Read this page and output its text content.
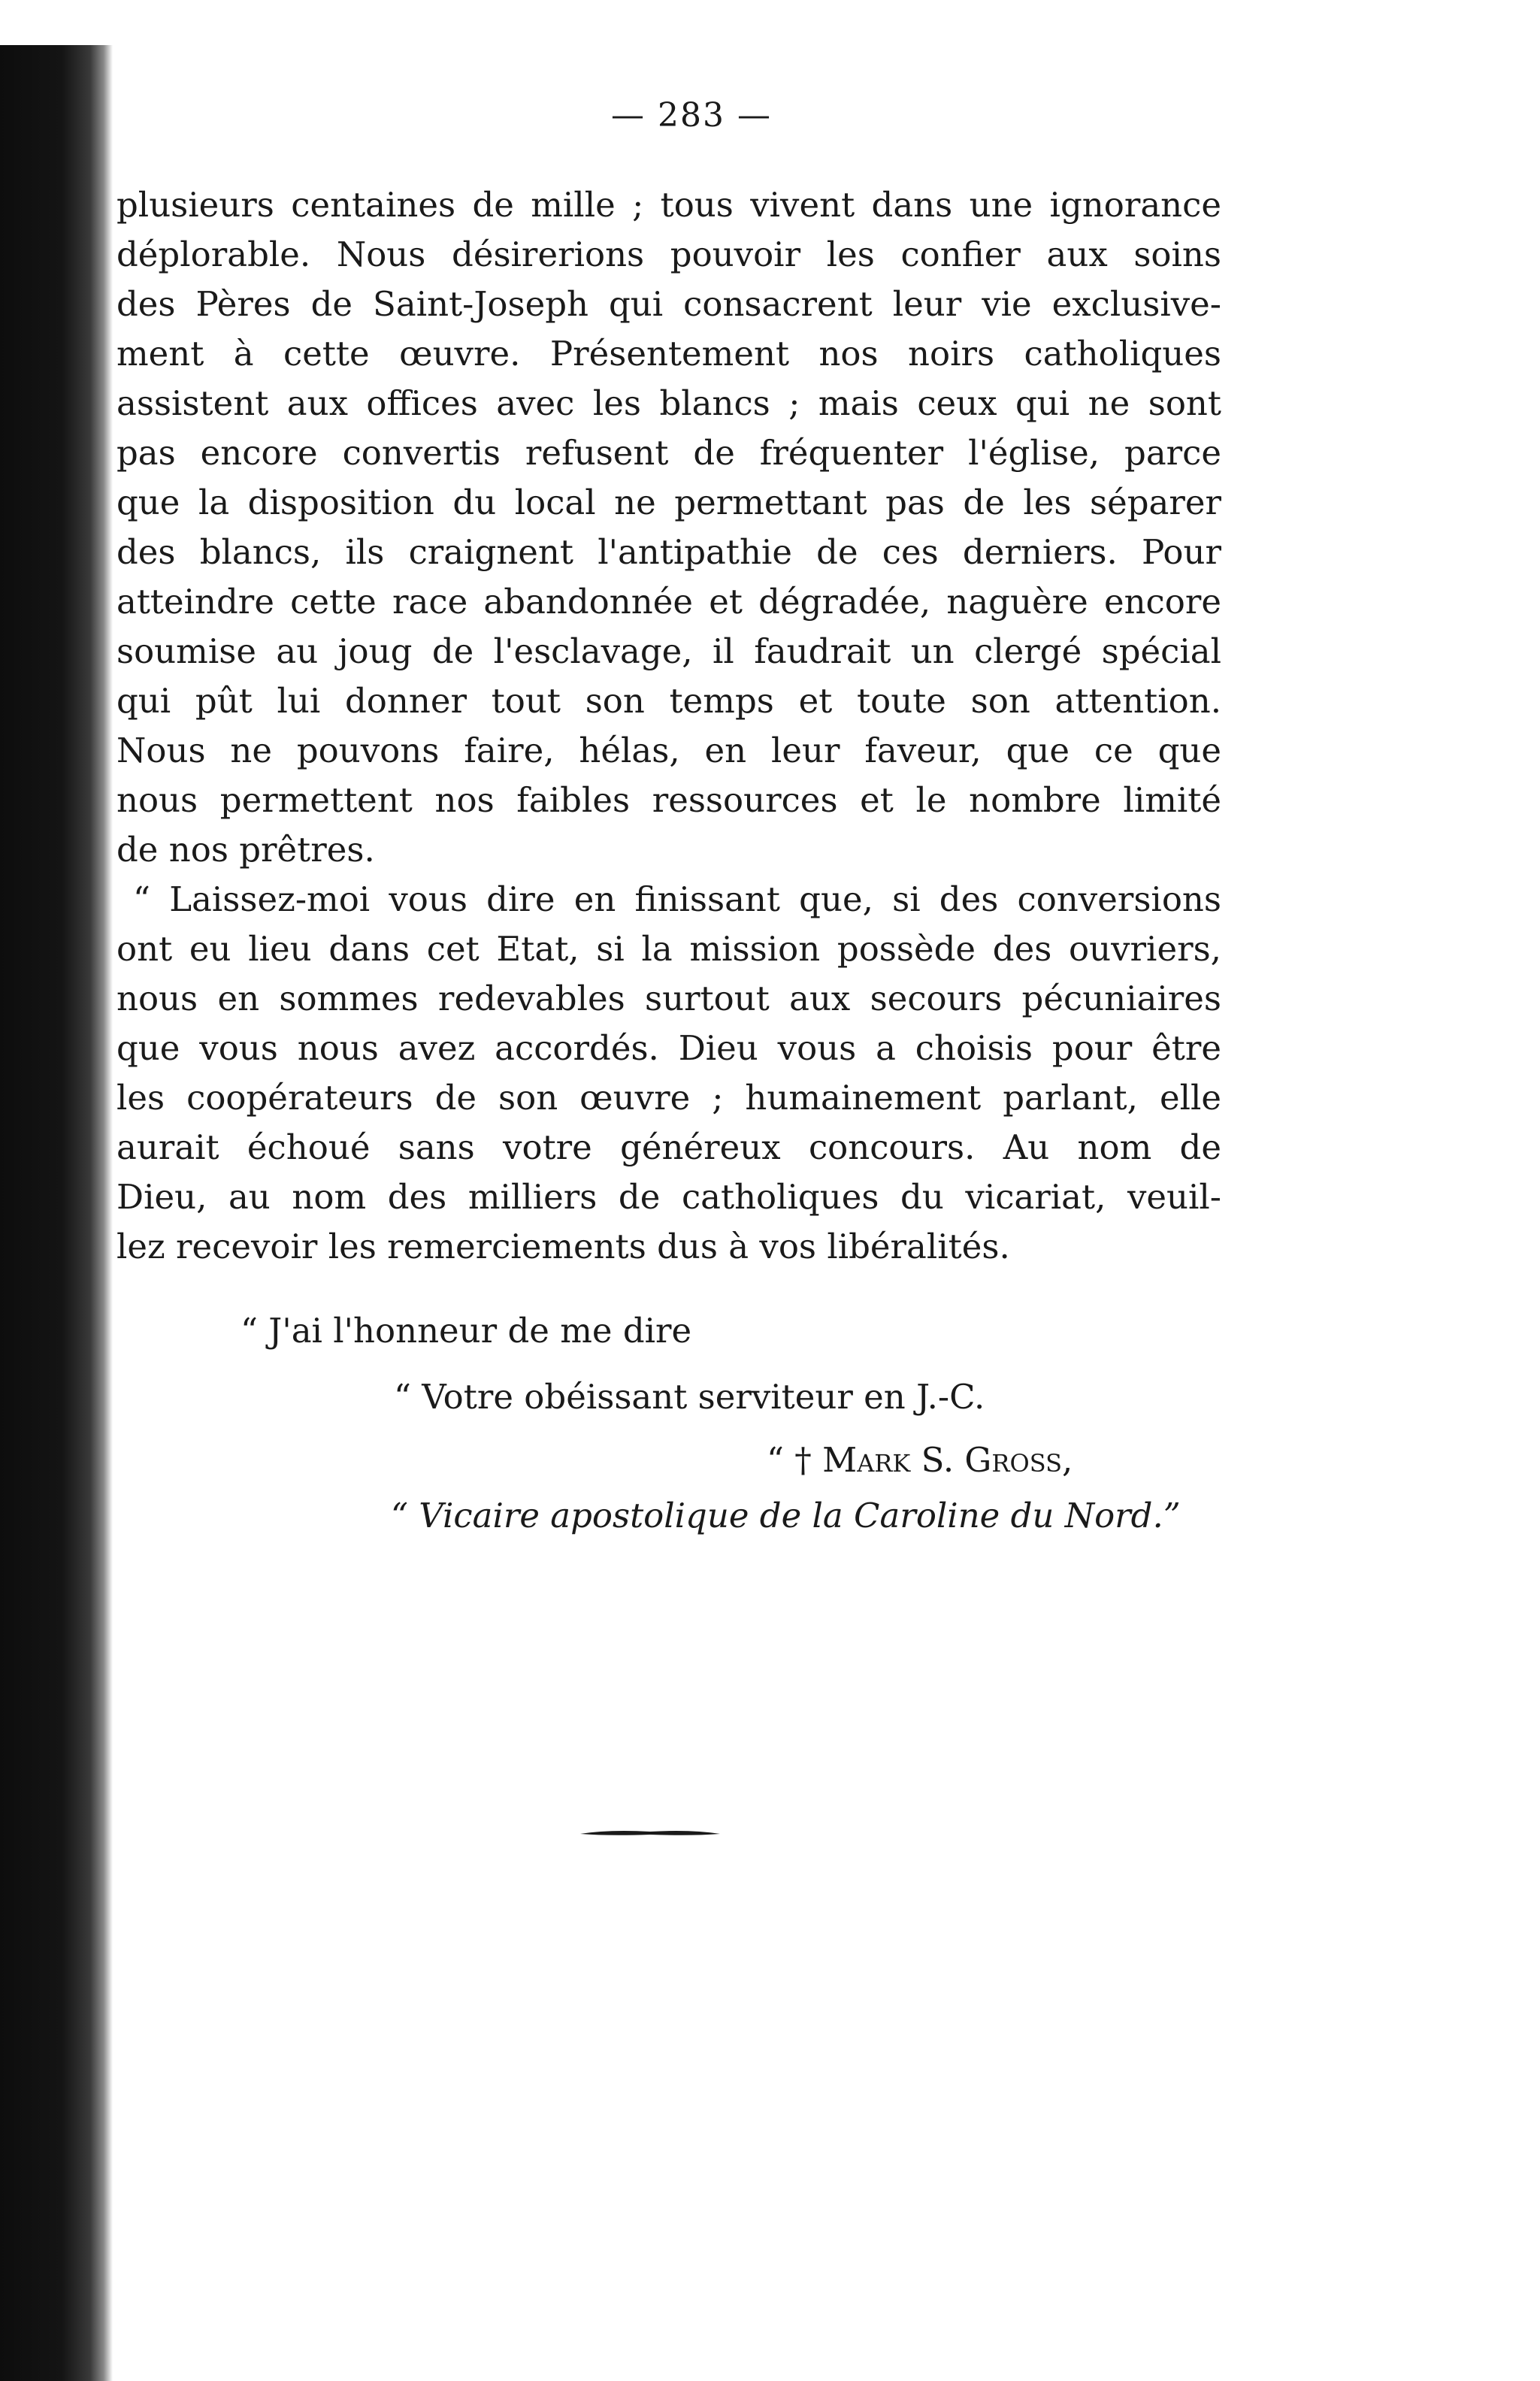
— 283 —
plusieurs centaines de mille ; tous vivent dans une ignorance
déplorable. Nous désirerions pouvoir les confier aux soins
des Pères de Saint-Joseph qui consacrent leur vie exclusive-
ment à cette œuvre. Présentement nos noirs catholiques
assistent aux offices avec les blancs ; mais ceux qui ne sont
pas encore convertis refusent de fréquenter l'église, parce
que la disposition du local ne permettant pas de les séparer
des blancs, ils craignent l'antipathie de ces derniers. Pour
atteindre cette race abandonnée et dégradée, naguère encore
soumise au joug de l'esclavage, il faudrait un clergé spécial
qui pût lui donner tout son temps et toute son attention.
Nous ne pouvons faire, hélas, en leur faveur, que ce que
nous permettent nos faibles ressources et le nombre limité
de nos prêtres.
“ Laissez-moi vous dire en finissant que, si des conversions
ont eu lieu dans cet Etat, si la mission possède des ouvriers,
nous en sommes redevables surtout aux secours pécuniaires
que vous nous avez accordés. Dieu vous a choisis pour être
les coopérateurs de son œuvre ; humainement parlant, elle
aurait échoué sans votre généreux concours. Au nom de
Dieu, au nom des milliers de catholiques du vicariat, veuil-
lez recevoir les remerciements dus à vos libéralités.
“ J'ai l'honneur de me dire
“ Votre obéissant serviteur en J.-C.
“ † Mark S. Gross,
“ Vicaire apostolique de la Caroline du Nord.”
